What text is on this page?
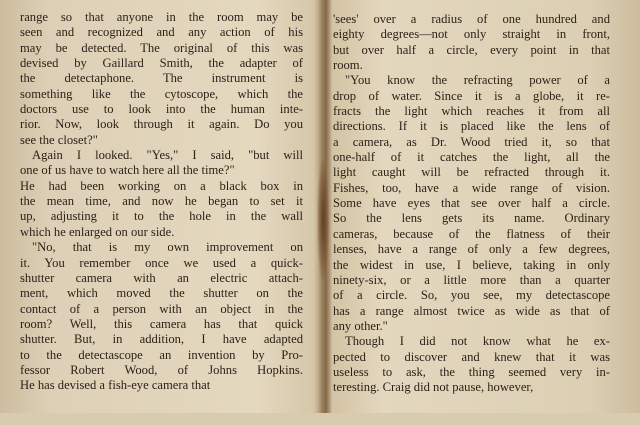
range so that anyone in the room may be
seen and recognized and any action of his
may be detected. The original of this was
devised by Gaillard Smith, the adapter of
the detectaphone. The instrument is
something like the cytoscope, which the
doctors use to look into the human inte-
rior. Now, look through it again. Do you
see the closet?"
Again I looked. "Yes," I said, "but will
one of us have to watch here all the time?"
He had been working on a black box in
the mean time, and now he began to set it
up, adjusting it to the hole in the wall
which he enlarged on our side.
"No, that is my own improvement on
it. You remember once we used a quick-
shutter camera with an electric attach-
ment, which moved the shutter on the
contact of a person with an object in the
room? Well, this camera has that quick
shutter. But, in addition, I have adapted
to the detectascope an invention by Pro-
fessor Robert Wood, of Johns Hopkins.
He has devised a fish-eye camera that
'sees' over a radius of one hundred and
eighty degrees—not only straight in front,
but over half a circle, every point in that
room.
"You know the refracting power of a
drop of water. Since it is a globe, it re-
fracts the light which reaches it from all
directions. If it is placed like the lens of
a camera, as Dr. Wood tried it, so that
one-half of it catches the light, all the
light caught will be refracted through it.
Fishes, too, have a wide range of vision.
Some have eyes that see over half a circle.
So the lens gets its name. Ordinary
cameras, because of the flatness of their
lenses, have a range of only a few degrees,
the widest in use, I believe, taking in only
ninety-six, or a little more than a quarter
of a circle. So, you see, my detectascope
has a range almost twice as wide as that of
any other."
Though I did not know what he ex-
pected to discover and knew that it was
useless to ask, the thing seemed very in-
teresting. Craig did not pause, however,
